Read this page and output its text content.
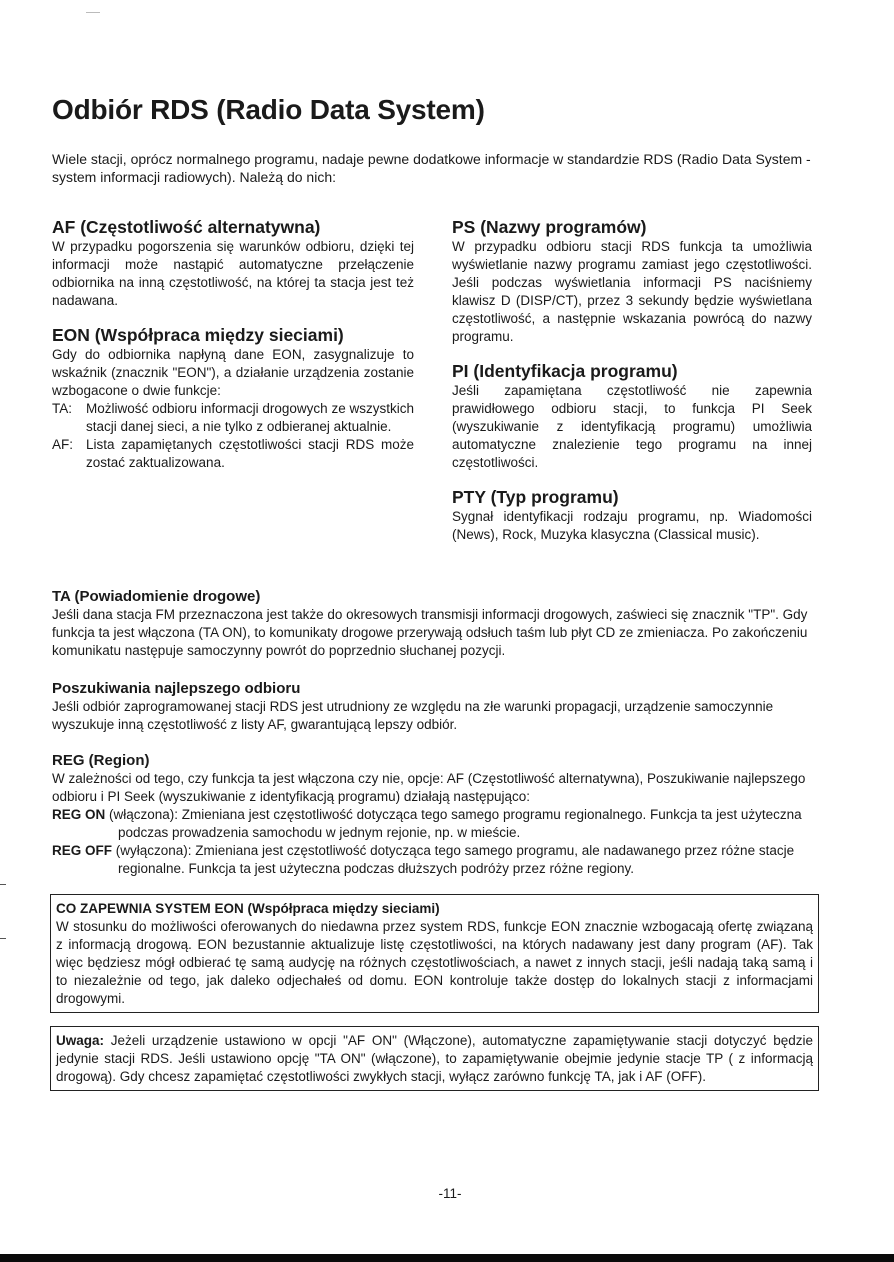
Odbiór RDS (Radio Data System)

Wiele stacji, oprócz normalnego programu, nadaje pewne dodatkowe informacje w standardzie RDS (Radio Data System - system informacji radiowych). Należą do nich:

AF (Częstotliwość alternatywna)

W przypadku pogorszenia się warunków odbioru, dzięki tej informacji może nastąpić automatyczne przełączenie odbiornika na inną częstotliwość, na której ta stacja jest też nadawana.

EON (Współpraca między sieciami)

Gdy do odbiornika napłyną dane EON, zasygnalizuje to wskaźnik (znacznik "EON"), a działanie urządzenia zostanie wzbogacone o dwie funkcje:

TA:	Możliwość odbioru informacji drogowych ze wszystkich stacji danej sieci, a nie tylko z odbieranej aktualnie.
AF: Lista zapamiętanych częstotliwości stacji RDS może zostać zaktualizowana.
PS (Nazwy programów)

W przypadku odbioru stacji RDS funkcja ta umożliwia wyświetlanie nazwy programu zamiast jego częstotliwości. Jeśli podczas wyświetlania informacji PS naciśniemy klawisz D (DISP/CT), przez 3 sekundy będzie wyświetlana częstotliwość, a następnie wskazania powrócą do nazwy programu.

PI (Identyfikacja programu)

Jeśli zapamiętana częstotliwość nie zapewnia prawidłowego odbioru stacji, to funkcja PI Seek (wyszukiwanie z identyfikacją programu) umożliwia automatyczne znalezienie tego programu na innej częstotliwości.

PTY (Typ programu)

Sygnał identyfikacji rodzaju programu, np. Wiadomości (News), Rock, Muzyka klasyczna (Classical music).

TA (Powiadomienie drogowe)

Jeśli dana stacja FM przeznaczona jest także do okresowych transmisji informacji drogowych, zaświeci się znacznik "TP". Gdy funkcja ta jest włączona (TA ON), to komunikaty drogowe przerywają odsłuch taśm lub płyt CD ze zmieniacza. Po zakończeniu komunikatu następuje samoczynny powrót do poprzednio słuchanej pozycji.

Poszukiwania najlepszego odbioru

Jeśli odbiór zaprogramowanej stacji RDS jest utrudniony ze względu na złe warunki propagacji, urządzenie samoczynnie wyszukuje inną częstotliwość z listy AF, gwarantującą lepszy odbiór.

REG (Region)

W zależności od tego, czy funkcja ta jest włączona czy nie, opcje: AF (Częstotliwość alternatywna), Poszukiwanie najlepszego odbioru i PI Seek (wyszukiwanie z identyfikacją programu) działają następująco:

REG ON (włączona): Zmieniana jest częstotliwość dotycząca tego samego programu regionalnego. Funkcja ta jest użyteczna podczas prowadzenia samochodu w jednym rejonie, np. w mieście.

REG OFF (wyłączona): Zmieniana jest częstotliwość dotycząca tego samego programu, ale nadawanego przez różne stacje regionalne. Funkcja ta jest użyteczna podczas dłuższych podróży przez różne regiony.

CO ZAPEWNIA SYSTEM EON (Współpraca między sieciami)
W stosunku do możliwości oferowanych do niedawna przez system RDS, funkcje EON znacznie wzbogacają ofertę związaną z informacją drogową. EON bezustannie aktualizuje listę częstotliwości, na których nadawany jest dany program (AF). Tak więc będziesz mógł odbierać tę samą audycję na różnych częstotliwościach, a nawet z innych stacji, jeśli nadają taką samą i to niezależnie od tego, jak daleko odjechałeś od domu. EON kontroluje także dostęp do lokalnych stacji z informacjami drogowymi.
Uwaga: Jeżeli urządzenie ustawiono w opcji "AF ON" (Włączone), automatyczne zapamiętywanie stacji dotyczyć będzie jedynie stacji RDS. Jeśli ustawiono opcję "TA ON" (włączone), to zapamiętywanie obejmie jedynie stacje TP ( z informacją drogową). Gdy chcesz zapamiętać częstotliwości zwykłych stacji, wyłącz zarówno funkcję TA, jak i AF (OFF).
-11-
